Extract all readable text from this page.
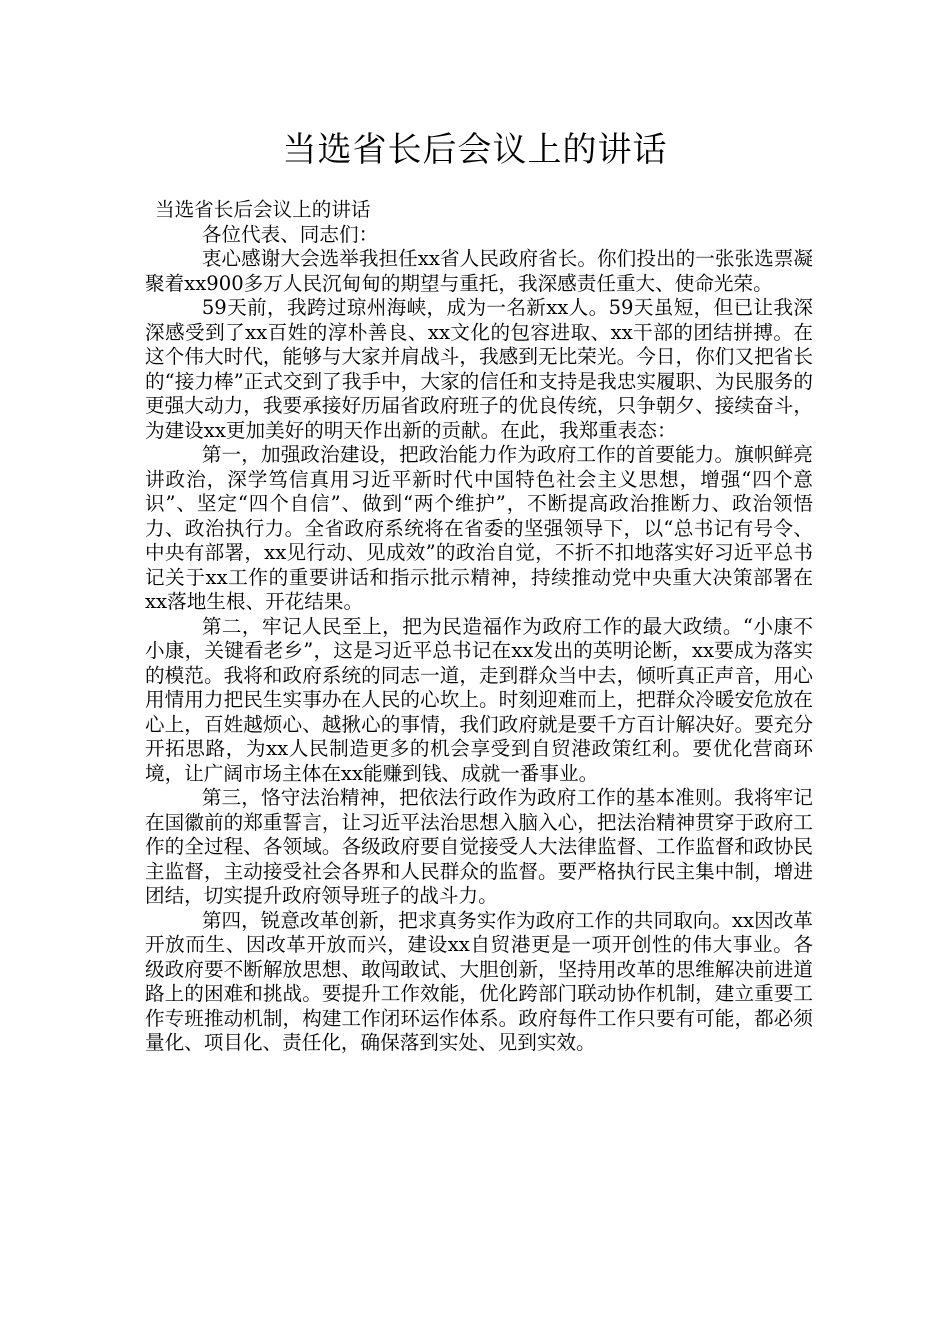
当选省长后会议上的讲话

当选省长后会议上的讲话

各位代表、同志们：

衷心感谢大会选举我担任xx省人民政府省长。你们投出的一张张选票凝聚着xx900多万人民沉甸甸的期望与重托，我深感责任重大、使命光荣。

59天前，我跨过琼州海峡，成为一名新xx人。59天虽短，但已让我深深感受到了xx百姓的淳朴善良、xx文化的包容进取、xx干部的团结拼搏。在这个伟大时代，能够与大家并肩战斗，我感到无比荣光。今日，你们又把省长的“接力棒”正式交到了我手中，大家的信任和支持是我忠实履职、为民服务的更强大动力，我要承接好历届省政府班子的优良传统，只争朝夕、接续奋斗，为建设xx更加美好的明天作出新的贡献。在此，我郑重表态：

第一，加强政治建设，把政治能力作为政府工作的首要能力。旗帜鲜亮讲政治，深学笃信真用习近平新时代中国特色社会主义思想，增强“四个意识”、坚定“四个自信”、做到“两个维护”，不断提高政治推断力、政治领悟力、政治执行力。全省政府系统将在省委的坚强领导下，以“总书记有号令、中央有部署，xx见行动、见成效”的政治自觉，不折不扣地落实好习近平总书记关于xx工作的重要讲话和指示批示精神，持续推动党中央重大决策部署在xx落地生根、开花结果。

第二，牢记人民至上，把为民造福作为政府工作的最大政绩。“小康不小康，关键看老乡”，这是习近平总书记在xx发出的英明论断，xx要成为落实的模范。我将和政府系统的同志一道，走到群众当中去，倾听真正声音，用心用情用力把民生实事办在人民的心坎上。时刻迎难而上，把群众冷暖安危放在心上，百姓越烦心、越揪心的事情，我们政府就是要千方百计解决好。要充分开拓思路，为xx人民制造更多的机会享受到自贸港政策红利。要优化营商环境，让广阔市场主体在xx能赚到钱、成就一番事业。

第三，恪守法治精神，把依法行政作为政府工作的基本准则。我将牢记在国徽前的郑重誓言，让习近平法治思想入脑入心，把法治精神贯穿于政府工作的全过程、各领域。各级政府要自觉接受人大法律监督、工作监督和政协民主监督，主动接受社会各界和人民群众的监督。要严格执行民主集中制，增进团结，切实提升政府领导班子的战斗力。

第四，锐意改革创新，把求真务实作为政府工作的共同取向。xx因改革开放而生、因改革开放而兴，建设xx自贸港更是一项开创性的伟大事业。各级政府要不断解放思想、敢闯敢试、大胆创新，坚持用改革的思维解决前进道路上的困难和挑战。要提升工作效能，优化跨部门联动协作机制，建立重要工作专班推动机制，构建工作闭环运作体系。政府每件工作只要有可能，都必须量化、项目化、责任化，确保落到实处、见到实效。
